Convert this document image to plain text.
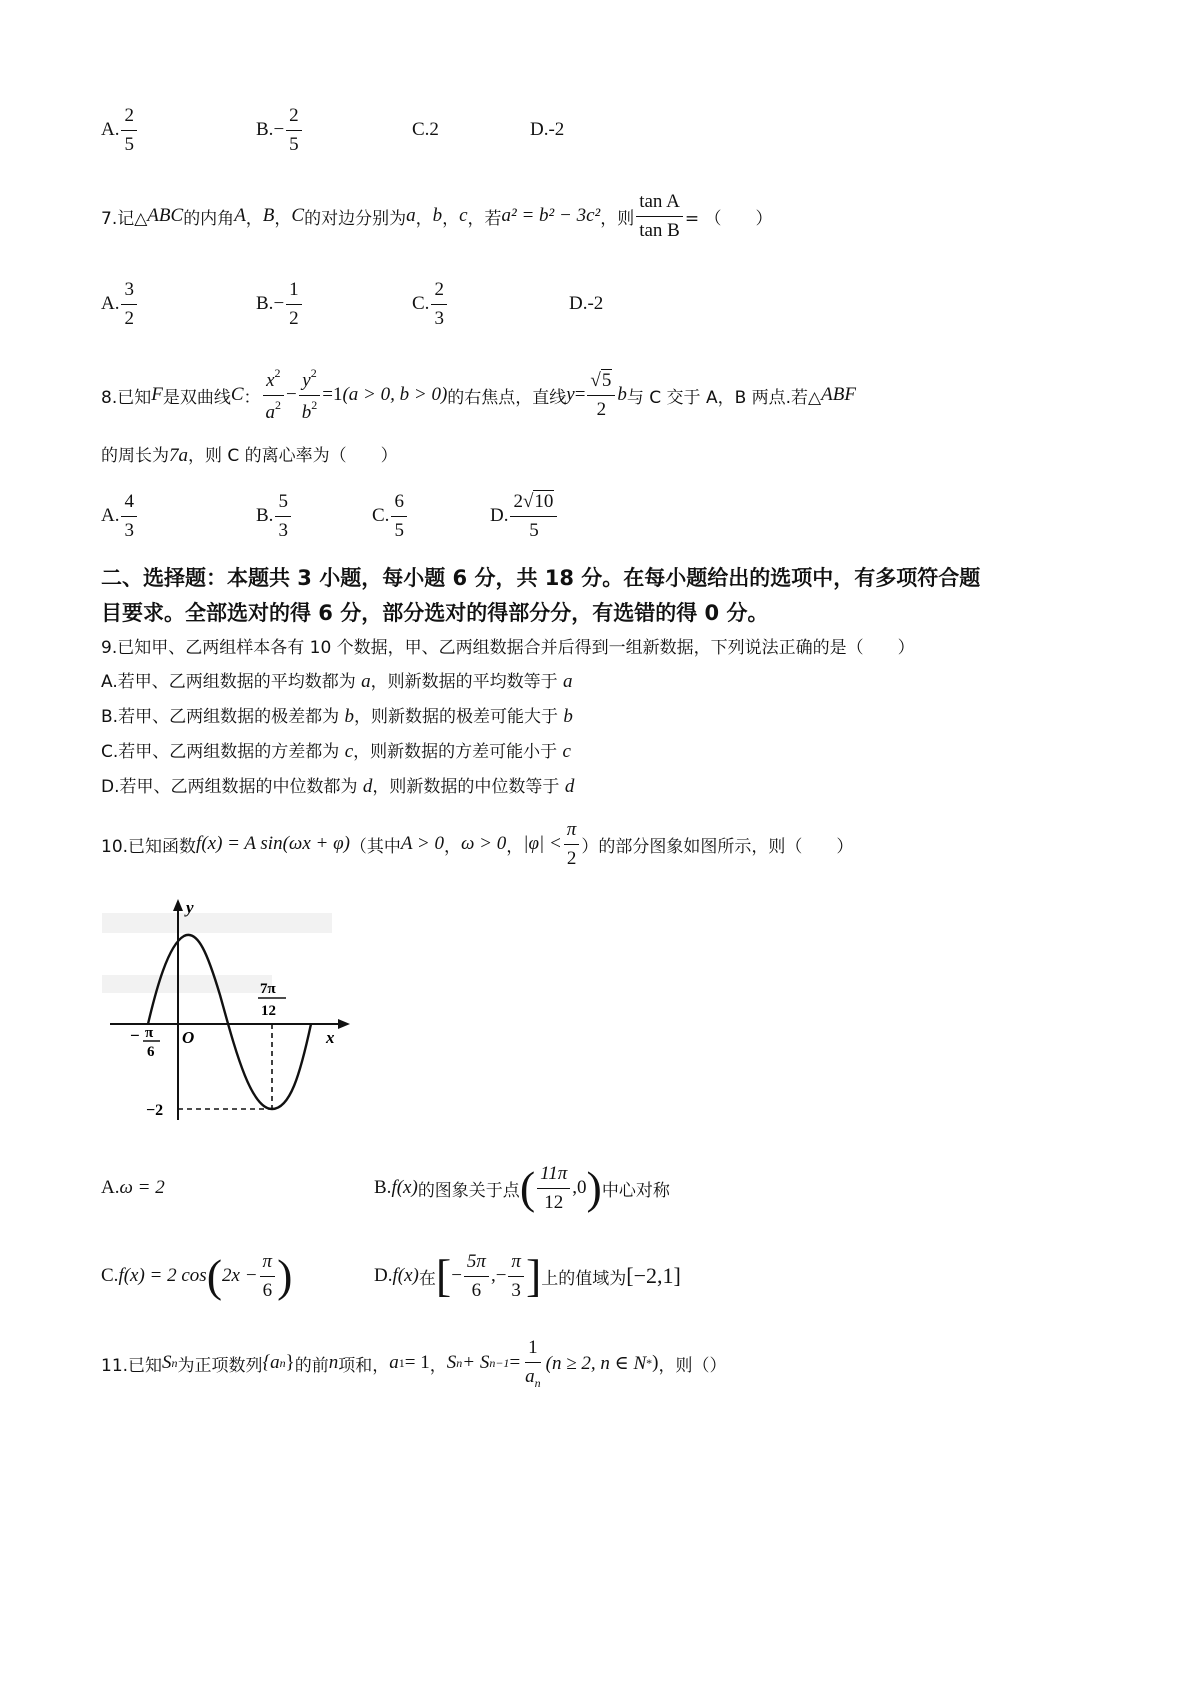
A. $\frac{2}{5}$	B. − $\frac{2}{5}$	C.2	D.-2
7.记△ ABC 的内角 A ， B ， C 的对边分别为 a ， b ， c ，若 a² = b² − 3c² ，则 $\frac{\text{tan A}}{\text{tan B}}$ = （　　）
A. $\frac{3}{2}$	B. − $\frac{1}{2}$	C. $\frac{2}{3}$	D.-2
8.已知 F 是双曲线 C ： $\frac{x^2}{a^2} - \frac{y^2}{b^2} =1$ (a > 0, b > 0) 的右焦点，直线 $y = \frac{√5}{2}$ b 与 C 交于 A，B 两点.若△ ABF
的周长为7a，则 C 的离心率为（　　）
A. $\frac{4}{3}$	B. $\frac{5}{3}$	C. $\frac{6}{5}$	D. $\frac{2√10}{5}$
二、选择题：本题共 3 小题，每小题 6 分，共 18 分。在每小题给出的选项中，有多项符合题
目要求。全部选对的得 6 分，部分选对的得部分分，有选错的得 0 分。
9.已知甲、乙两组样本各有 10 个数据，甲、乙两组数据合并后得到一组新数据，下列说法正确的是（　　）
A.若甲、乙两组数据的平均数都为 a，则新数据的平均数等于 a
B.若甲、乙两组数据的极差都为 b，则新数据的极差可能大于 b
C.若甲、乙两组数据的方差都为 c，则新数据的方差可能小于 c
D.若甲、乙两组数据的中位数都为 d，则新数据的中位数等于 d
10.已知函数 f(x) = A sin(ωx + φ) （其中 A > 0 ， ω > 0 ， $|\varphi| < \frac{\pi}{2}$ ）的部分图象如图所示，则（　　）
y
x
O
− π
6
7π
12
−2
A. ω = 2	B. f(x) 的图象关于点 ( $\frac{11\pi}{12} ,0$ ) 中心对称
C. f(x) = 2 cos ( $2x - \frac{\pi}{6}$ )	D. f(x) 在 [ − $\frac{5\pi}{6}$ ,− $\frac{\pi}{3}$ ] 上的值域为 [−2,1]
11.已知 S n 为正项数列 {a n } 的前 n 项和， a 1 = 1 ， S n + S $n-1 = \frac{1}{a_n} (n \ge 2$, n ∈ N * ) ，则（）
